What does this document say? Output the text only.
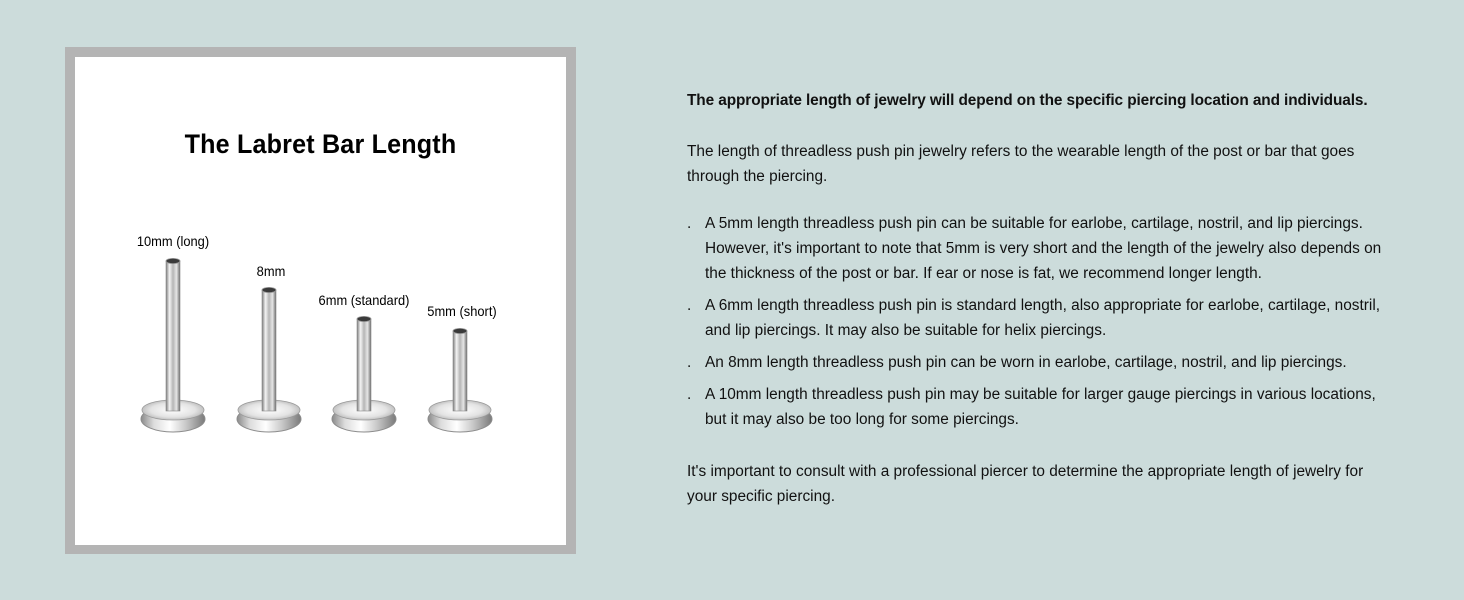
The Labret Bar Length
10mm (long)
8mm
6mm (standard)
5mm (short)

The appropriate length of jewelry will depend on the specific piercing location and individuals.

The length of threadless push pin jewelry refers to the wearable length of the post or bar that goes through the piercing.

. A 5mm length threadless push pin can be suitable for earlobe, cartilage, nostril, and lip piercings. However, it's important to note that 5mm is very short and the length of the jewelry also depends on the thickness of the post or bar. If ear or nose is fat, we recommend longer length.
. A 6mm length threadless push pin is standard length, also appropriate for earlobe, cartilage, nostril, and lip piercings. It may also be suitable for helix piercings.
. An 8mm length threadless push pin can be worn in earlobe, cartilage, nostril, and lip piercings.
. A 10mm length threadless push pin may be suitable for larger gauge piercings in various locations, but it may also be too long for some piercings.

It's important to consult with a professional piercer to determine the appropriate length of jewelry for your specific piercing.
